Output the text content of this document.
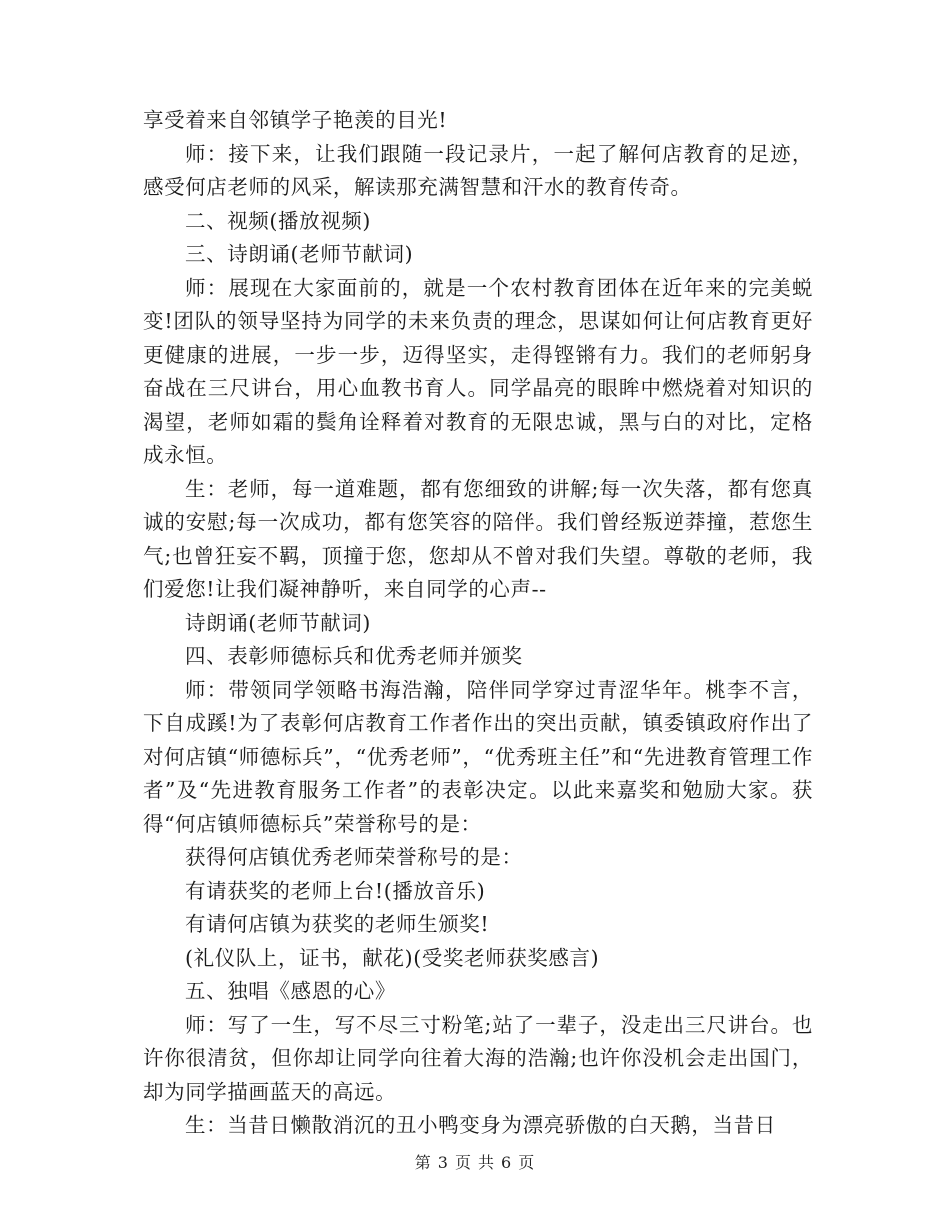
享受着来自邻镇学子艳羡的目光!

师：接下来，让我们跟随一段记录片，一起了解何店教育的足迹，感受何店老师的风采，解读那充满智慧和汗水的教育传奇。

二、视频(播放视频)

三、诗朗诵(老师节献词)

师：展现在大家面前的，就是一个农村教育团体在近年来的完美蜕变!团队的领导坚持为同学的未来负责的理念，思谋如何让何店教育更好更健康的进展，一步一步，迈得坚实，走得铿锵有力。我们的老师躬身奋战在三尺讲台，用心血教书育人。同学晶亮的眼眸中燃烧着对知识的渴望，老师如霜的鬓角诠释着对教育的无限忠诚，黑与白的对比，定格成永恒。

生：老师，每一道难题，都有您细致的讲解;每一次失落，都有您真诚的安慰;每一次成功，都有您笑容的陪伴。我们曾经叛逆莽撞，惹您生气;也曾狂妄不羁，顶撞于您，您却从不曾对我们失望。尊敬的老师，我们爱您!让我们凝神静听，来自同学的心声--

诗朗诵(老师节献词)

四、表彰师德标兵和优秀老师并颁奖

师：带领同学领略书海浩瀚，陪伴同学穿过青涩华年。桃李不言，下自成蹊!为了表彰何店教育工作者作出的突出贡献，镇委镇政府作出了对何店镇“师德标兵”，“优秀老师”，“优秀班主任”和“先进教育管理工作者”及“先进教育服务工作者”的表彰决定。以此来嘉奖和勉励大家。获得“何店镇师德标兵”荣誉称号的是：

获得何店镇优秀老师荣誉称号的是：

有请获奖的老师上台!(播放音乐)

有请何店镇为获奖的老师生颁奖!

(礼仪队上，证书，献花)(受奖老师获奖感言)

五、独唱《感恩的心》

师：写了一生，写不尽三寸粉笔;站了一辈子，没走出三尺讲台。也许你很清贫，但你却让同学向往着大海的浩瀚;也许你没机会走出国门，却为同学描画蓝天的高远。

生：当昔日懒散消沉的丑小鸭变身为漂亮骄傲的白天鹅，当昔日

第 3 页 共 6 页
